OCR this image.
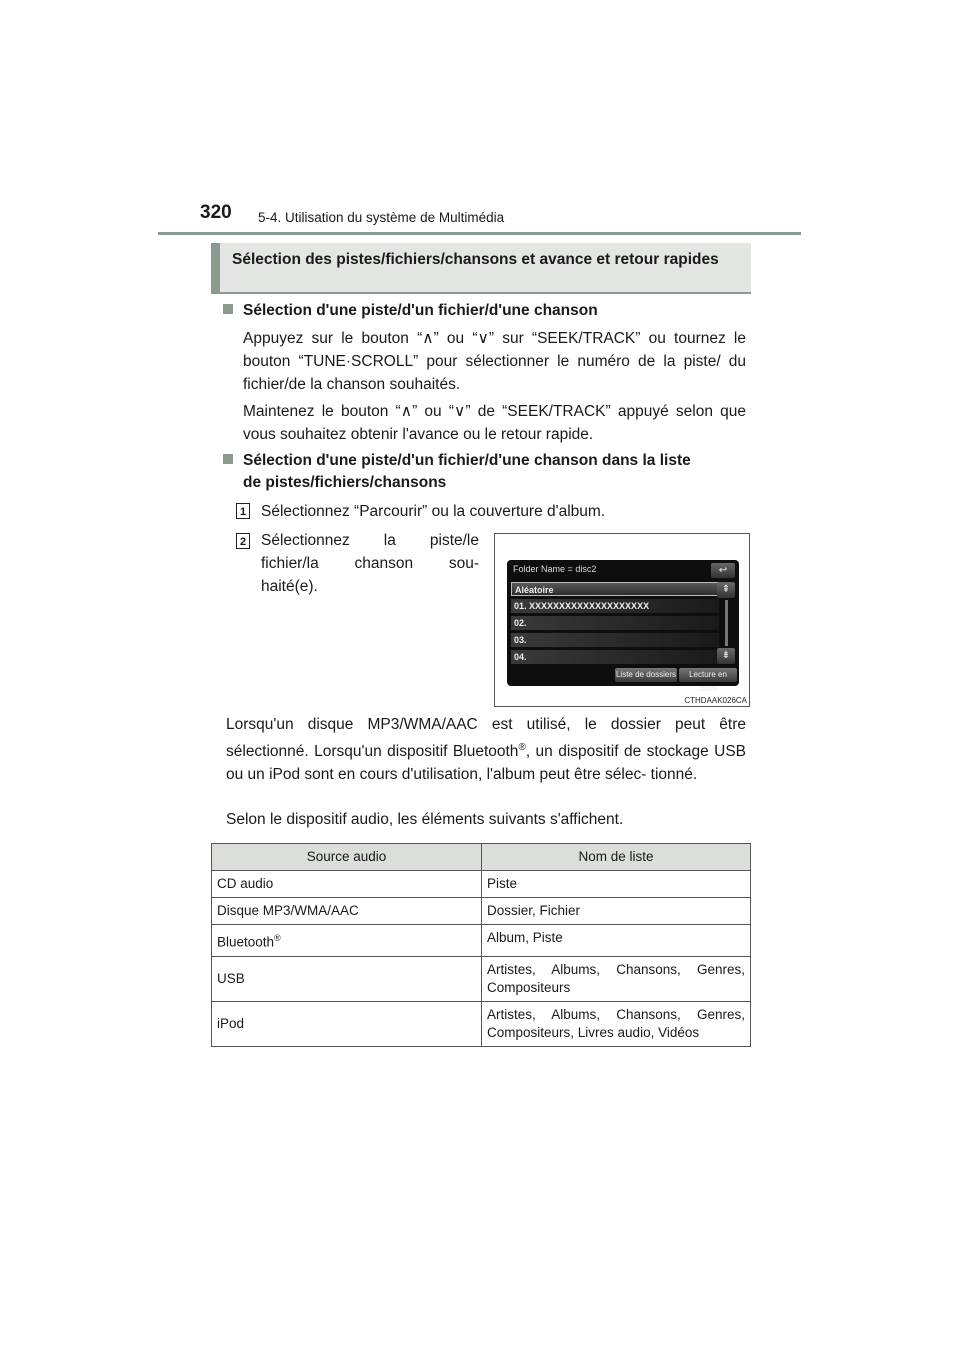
320 5-4. Utilisation du système de Multimédia
Sélection des pistes/fichiers/chansons et avance et retour rapides
Sélection d'une piste/d'un fichier/d'une chanson
Appuyez sur le bouton “∧” ou “∨” sur “SEEK/TRACK” ou tournez le bouton “TUNE·SCROLL” pour sélectionner le numéro de la piste/ du fichier/de la chanson souhaités.
Maintenez le bouton “∧” ou “∨” de “SEEK/TRACK” appuyé selon que vous souhaitez obtenir l'avance ou le retour rapide.
Sélection d'une piste/d'un fichier/d'une chanson dans la liste
de pistes/fichiers/chansons
1 Sélectionnez “Parcourir” ou la couverture d'album.
2 Sélectionnez la piste/le
fichier/la chanson sou-
haité(e).
Folder Name = disc2	↩
Aléatoire
01. XXXXXXXXXXXXXXXXXXXX
02.
03.
04.
⇞
⇟
Liste de dossiers	Lecture en cours
CTHDAAK026CA
Lorsqu'un disque MP3/WMA/AAC est utilisé, le dossier peut être sélectionné. Lorsqu'un dispositif Bluetooth®, un dispositif de stockage USB ou un iPod sont en cours d'utilisation, l'album peut être sélec- tionné.
Selon le dispositif audio, les éléments suivants s'affichent.
Source audio	Nom de liste
CD audio	Piste
Disque MP3/WMA/AAC	Dossier, Fichier
Bluetooth®	Album, Piste
USB	Artistes, Albums, Chansons, Genres, Compositeurs
iPod	Artistes, Albums, Chansons, Genres, Compositeurs, Livres audio, Vidéos
